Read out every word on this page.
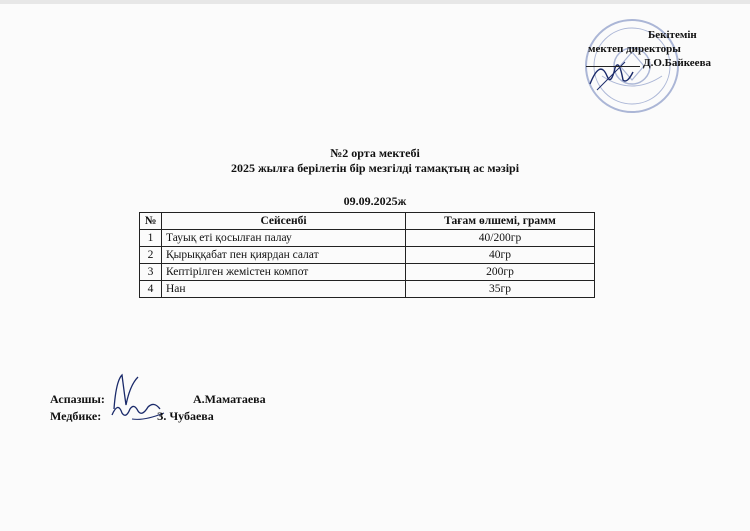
Бекітемін
мектеп директоры
Д.О.Байкеева
№2 орта мектебі
2025 жылға берілетін бір мезгілді тамақтың ас мәзірі
09.09.2025ж
№	Сейсенбі	Тағам өлшемі, грамм
1	Тауық еті қосылған палау	40/200гр
2	Қырыққабат пен қиярдан салат	40гр
3	Кептірілген жемістен компот	200гр
4	Нан	35гр
Аспазшы:	А.Маматаева
Медбике:	З. Чубаева
